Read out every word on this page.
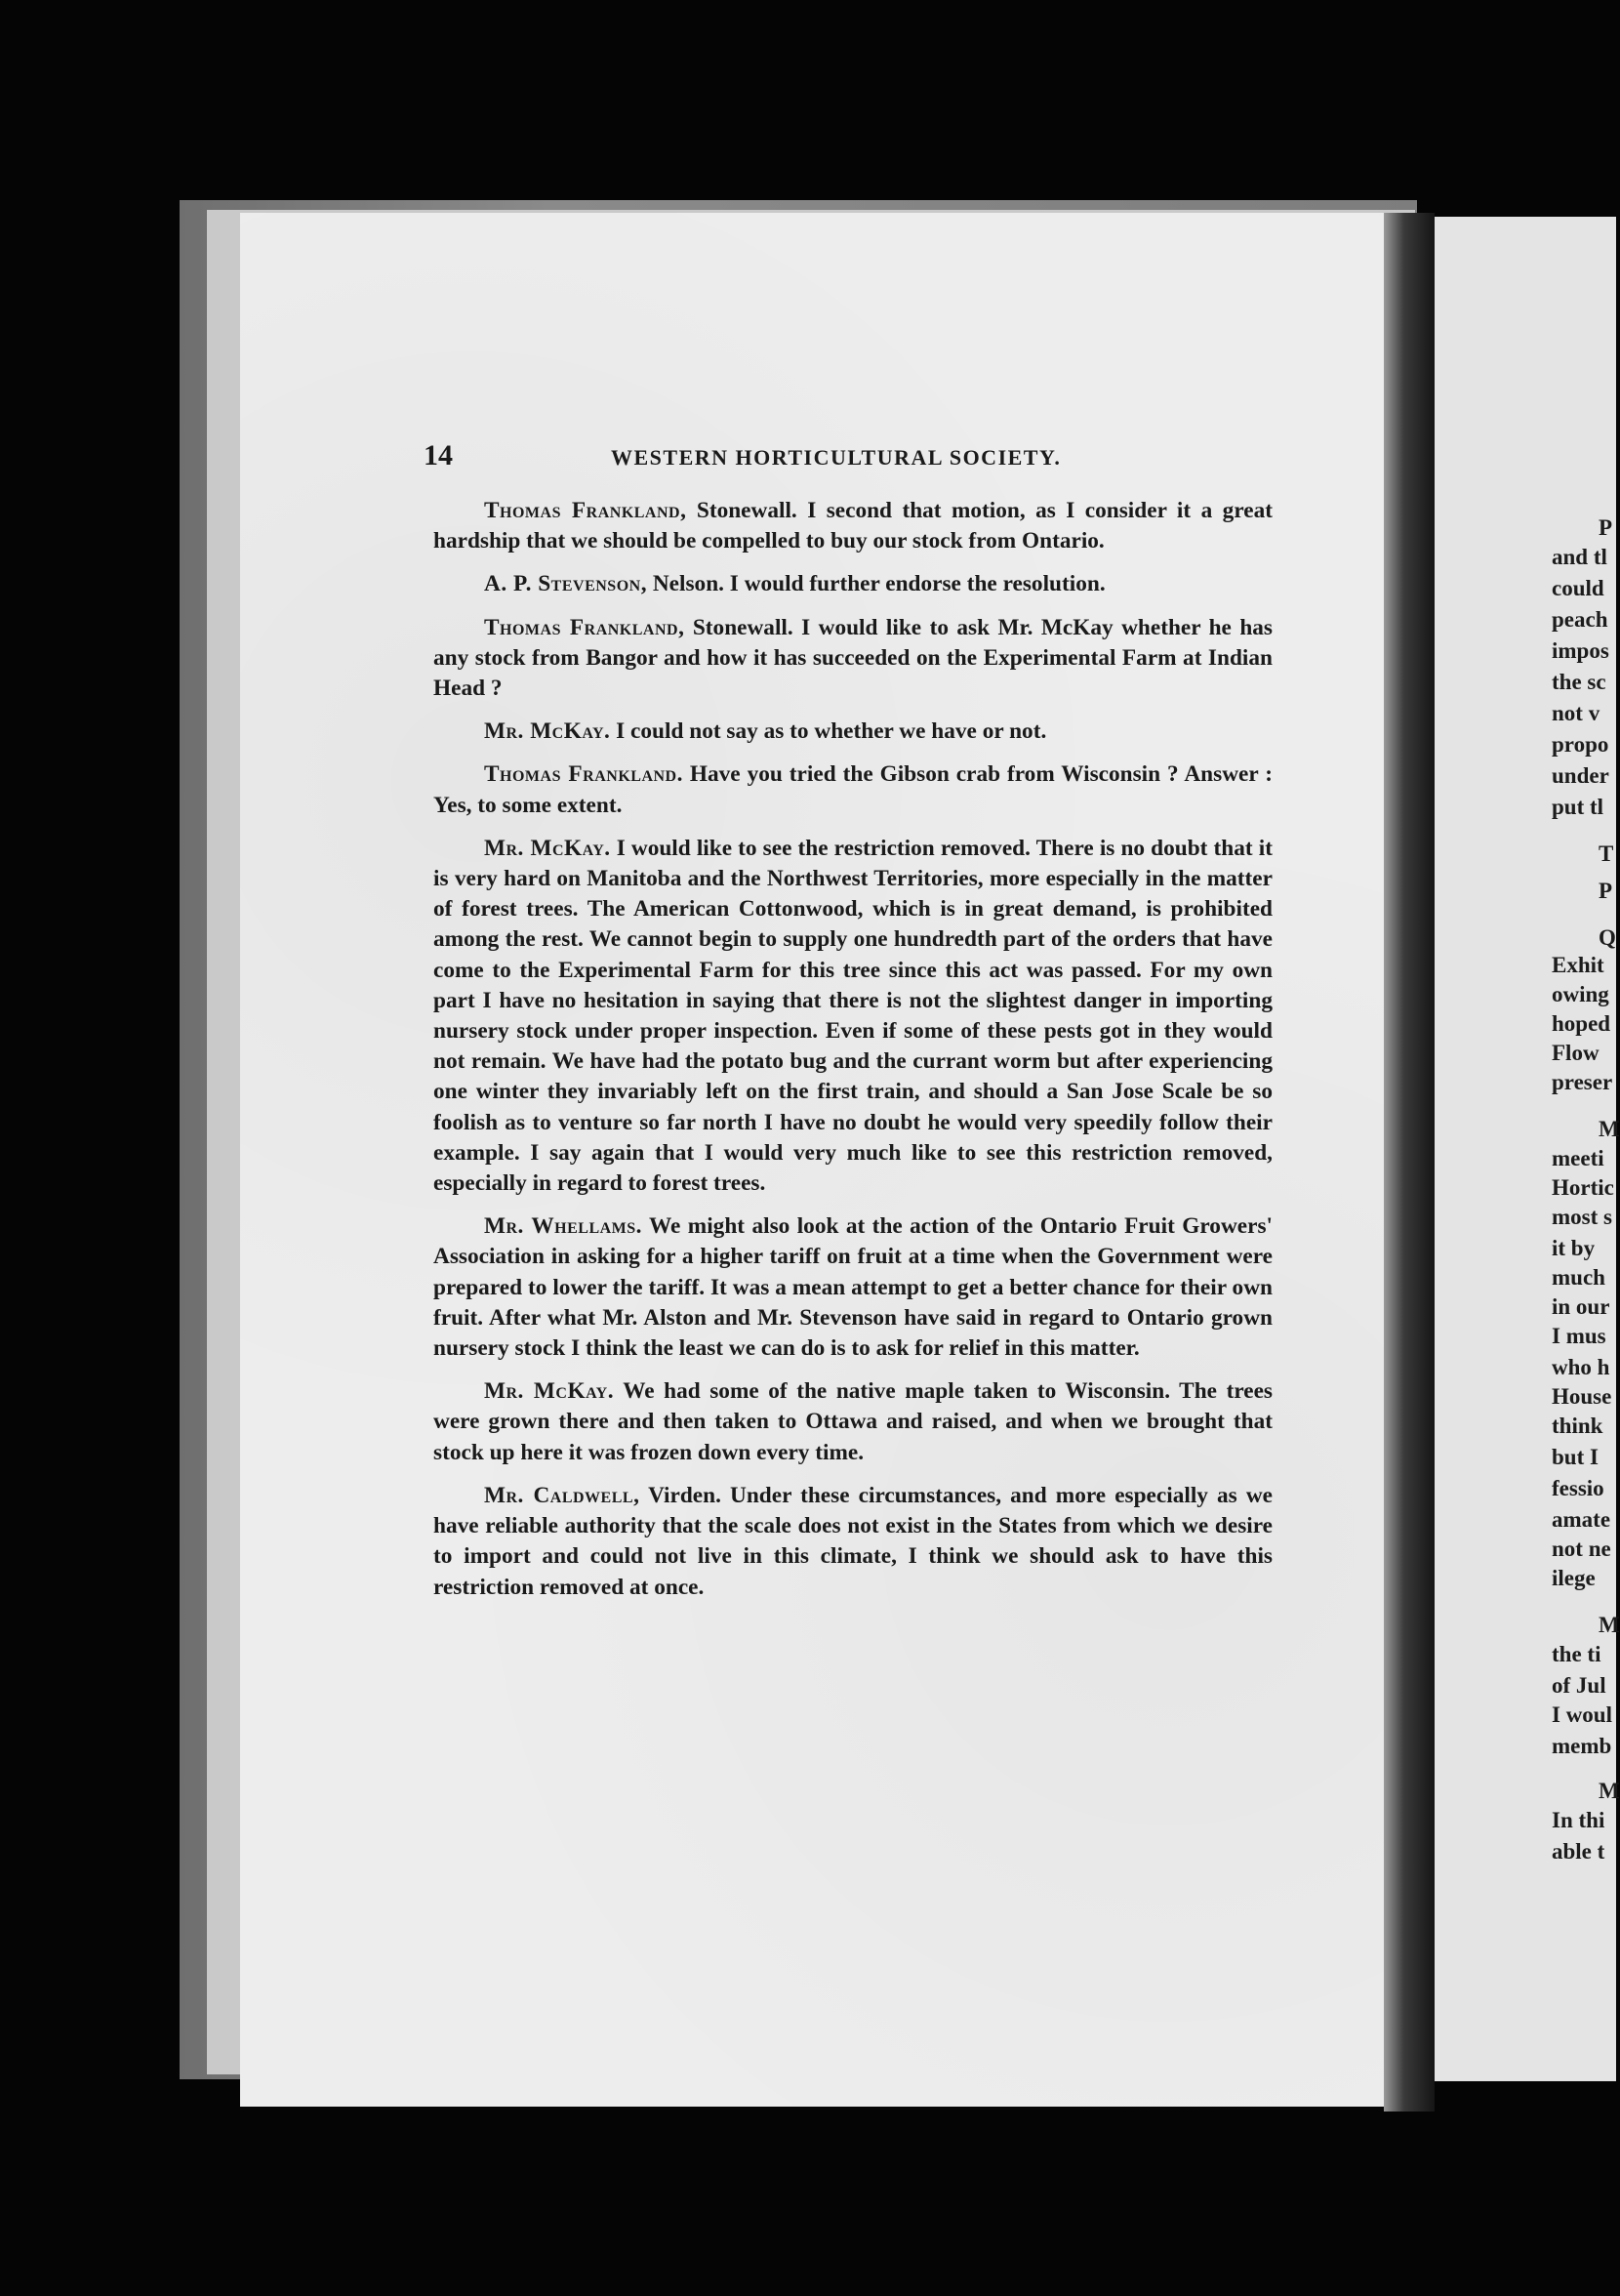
14	WESTERN HORTICULTURAL SOCIETY.

Thomas Frankland, Stonewall. I second that motion, as I consider it a great hardship that we should be compelled to buy our stock from Ontario.

A. P. Stevenson, Nelson. I would further endorse the resolution.

Thomas Frankland, Stonewall. I would like to ask Mr. McKay whether he has any stock from Bangor and how it has succeeded on the Experimental Farm at Indian Head ?

Mr. McKay. I could not say as to whether we have or not.

Thomas Frankland. Have you tried the Gibson crab from Wisconsin ? Answer : Yes, to some extent.

Mr. McKay. I would like to see the restriction removed. There is no doubt that it is very hard on Manitoba and the Northwest Territories, more especially in the matter of forest trees. The American Cottonwood, which is in great demand, is prohibited among the rest. We cannot begin to supply one hundredth part of the orders that have come to the Experimental Farm for this tree since this act was passed. For my own part I have no hesitation in saying that there is not the slightest danger in importing nursery stock under proper inspection. Even if some of these pests got in they would not remain. We have had the potato bug and the currant worm but after experiencing one winter they invariably left on the first train, and should a San Jose Scale be so foolish as to venture so far north I have no doubt he would very speedily follow their example. I say again that I would very much like to see this restriction removed, especially in regard to forest trees.

Mr. Whellams. We might also look at the action of the Ontario Fruit Growers' Association in asking for a higher tariff on fruit at a time when the Government were prepared to lower the tariff. It was a mean attempt to get a better chance for their own fruit. After what Mr. Alston and Mr. Stevenson have said in regard to Ontario grown nursery stock I think the least we can do is to ask for relief in this matter.

Mr. McKay. We had some of the native maple taken to Wisconsin. The trees were grown there and then taken to Ottawa and raised, and when we brought that stock up here it was frozen down every time.

Mr. Caldwell, Virden. Under these circumstances, and more especially as we have reliable authority that the scale does not exist in the States from which we desire to import and could not live in this climate, I think we should ask to have this restriction removed at once.

P
and tl
could
peach
impos
the sc
not v
propo
under
put tl
T
P
Q
Exhit
owing
hoped
Flow
preser
M
meeti
Hortic
most s
it by
much
in our
I mus
who h
House
think
but I
fessio
amate
not ne
ilege
M
the ti
of Jul
I woul
memb
M
In thi
able t
